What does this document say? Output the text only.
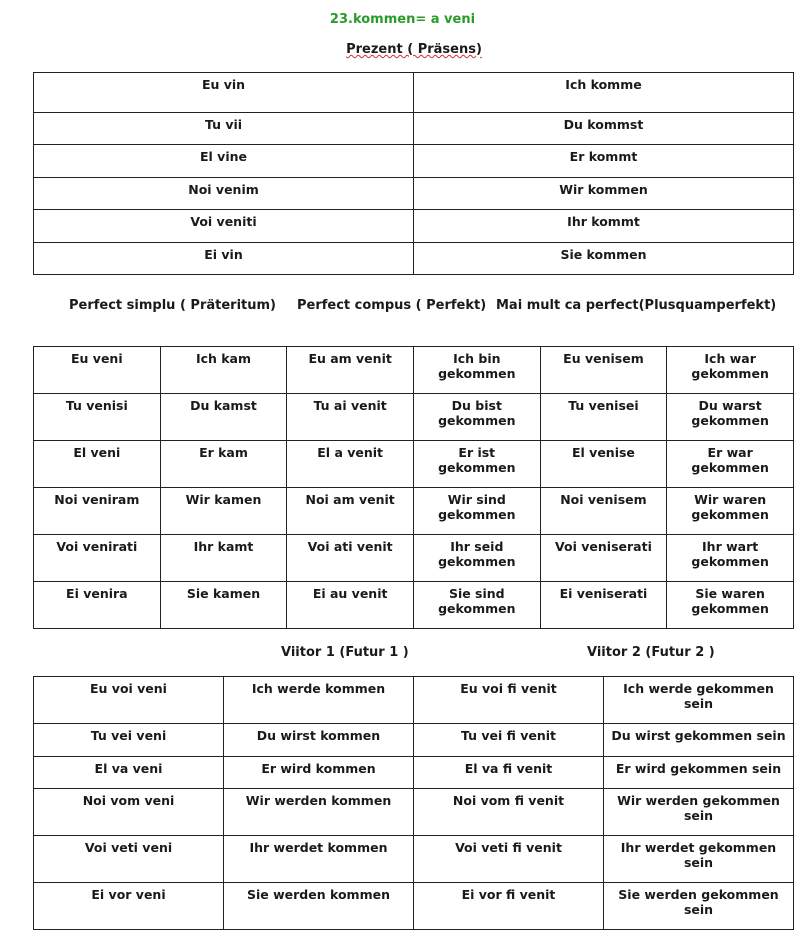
23.kommen= a veni
Prezent ( Präsens)
Eu vin	Ich komme
Tu vii	Du kommst
El vine	Er kommt
Noi venim	Wir kommen
Voi veniti	Ihr kommt
Ei vin	Sie kommen
Perfect simplu ( Präteritum) Perfect compus ( Perfekt) Mai mult ca perfect(Plusquamperfekt)
Eu veni	Ich kam	Eu am venit	Ich bin gekommen	Eu venisem	Ich war gekommen
Tu venisi	Du kamst	Tu ai venit	Du bist gekommen	Tu venisei	Du warst gekommen
El veni	Er kam	El a venit	Er ist gekommen	El venise	Er war gekommen
Noi veniram	Wir kamen	Noi am venit	Wir sind gekommen	Noi venisem	Wir waren gekommen
Voi venirati	Ihr kamt	Voi ati venit	Ihr seid gekommen	Voi veniserati	Ihr wart gekommen
Ei venira	Sie kamen	Ei au venit	Sie sind gekommen	Ei veniserati	Sie waren gekommen
Viitor 1 (Futur 1 )	Viitor 2 (Futur 2 )
Eu voi veni	Ich werde kommen	Eu voi fi venit	Ich werde gekommen sein
Tu vei veni	Du wirst kommen	Tu vei fi venit	Du wirst gekommen sein
El va veni	Er wird kommen	El va fi venit	Er wird gekommen sein
Noi vom veni	Wir werden kommen	Noi vom fi venit	Wir werden gekommen sein
Voi veti veni	Ihr werdet kommen	Voi veti fi venit	Ihr werdet gekommen sein
Ei vor veni	Sie werden kommen	Ei vor fi venit	Sie werden gekommen sein
